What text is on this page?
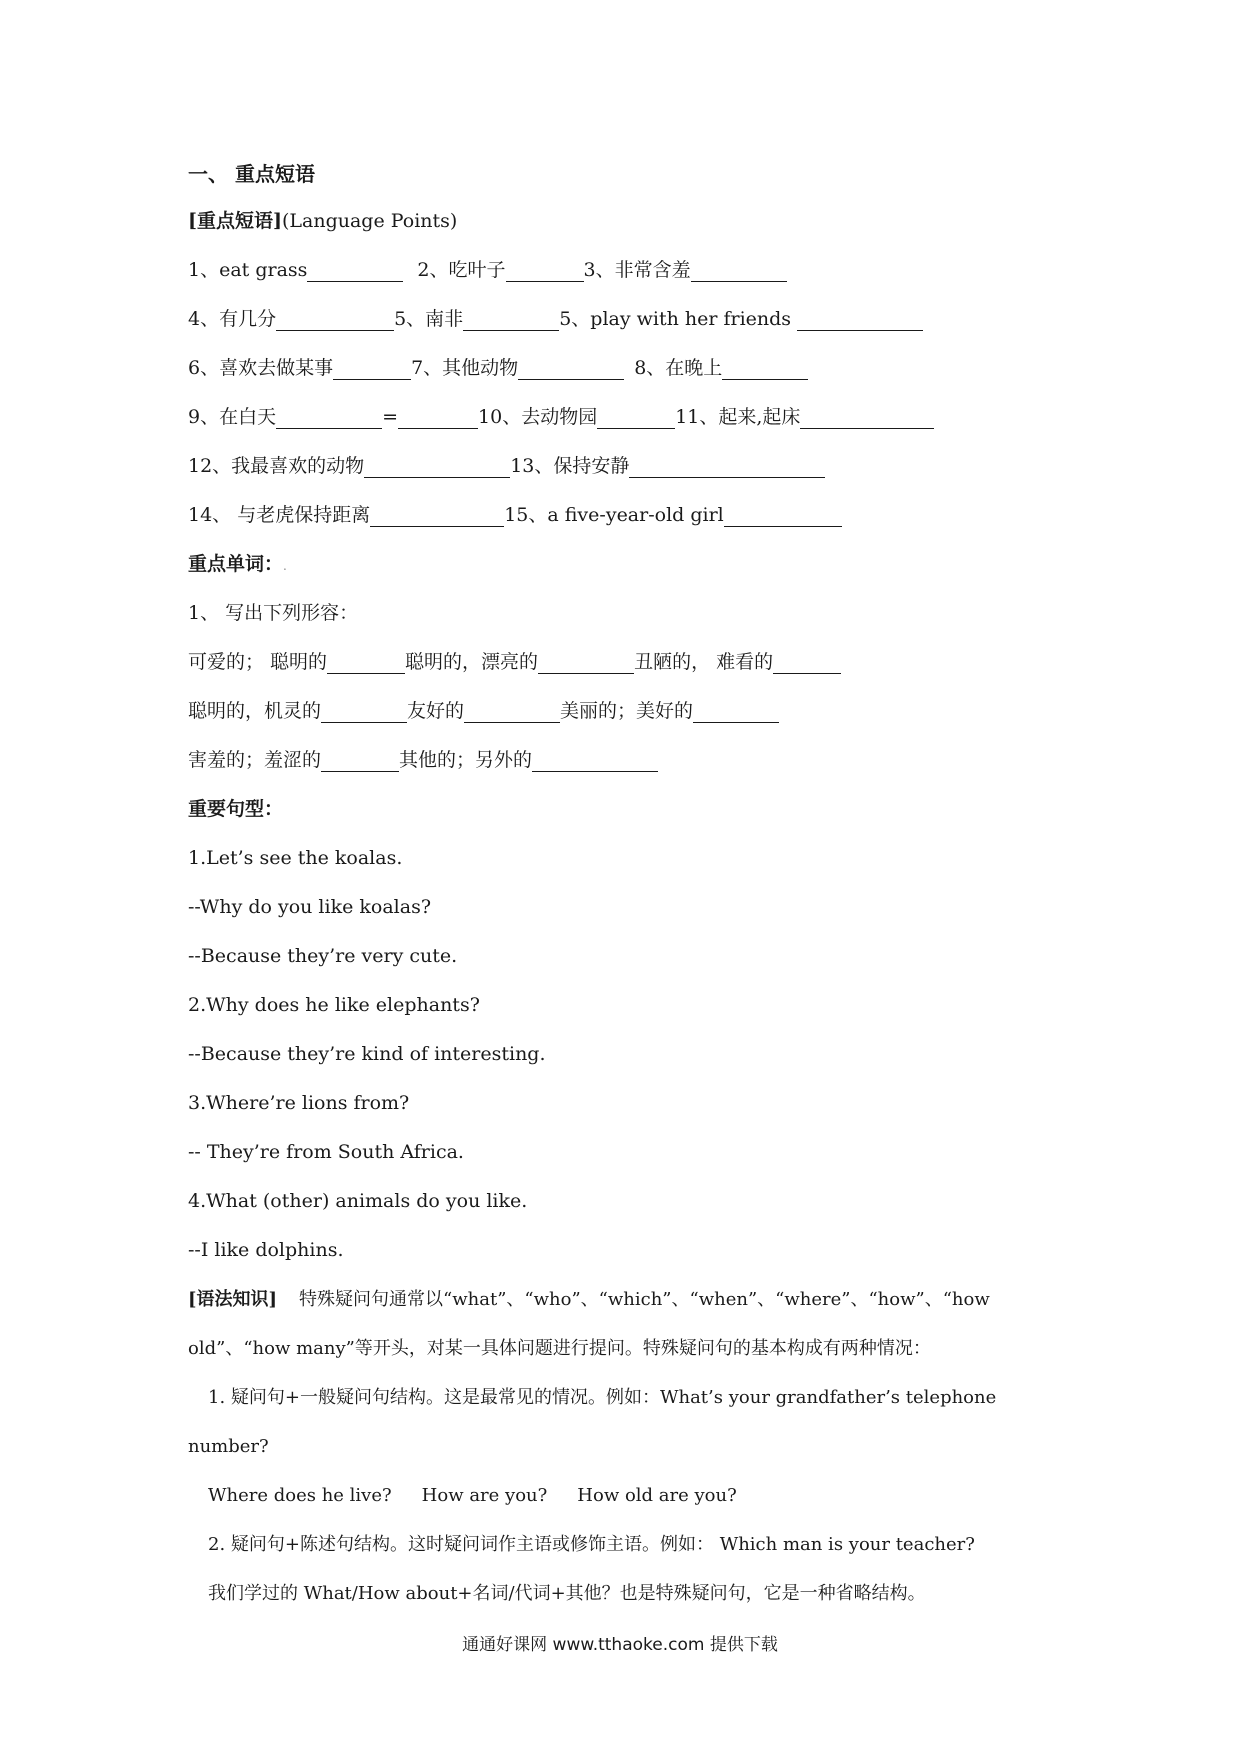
一、 重点短语
[重点短语](Language Points)
1、eat grass	2、吃叶子	3、非常含羞
4、有几分	5、南非	5、play with her friends
6、喜欢去做某事	7、其他动物	8、在晚上
9、在白天	=	10、去动物园	11、起来,起床
12、我最喜欢的动物	13、保持安静
14、 与老虎保持距离	15、a five-year-old girl
重点单词：.
1、 写出下列形容：
可爱的； 聪明的	聪明的，漂亮的	丑陋的， 难看的
聪明的，机灵的	友好的	美丽的；美好的
害羞的；羞涩的	其他的；另外的
重要句型：
1.Let’s see the koalas.
--Why do you like koalas?
--Because they’re very cute.
2.Why does he like elephants?
--Because they’re kind of interesting.
3.Where’re lions from?
-- They’re from South Africa.
4.What (other) animals do you like.
--I like dolphins.
[语法知识] 特殊疑问句通常以“what”、“who”、“which”、“when”、“where”、“how”、“how
old”、“how many”等开头，对某一具体问题进行提问。特殊疑问句的基本构成有两种情况：
1. 疑问句+一般疑问句结构。这是最常见的情况。例如：What’s your grandfather’s telephone
number?
Where does he live? How are you? How old are you?
2. 疑问句+陈述句结构。这时疑问词作主语或修饰主语。例如： Which man is your teacher?
我们学过的 What/How about+名词/代词+其他？也是特殊疑问句，它是一种省略结构。
通通好课网 www.tthaoke.com 提供下载
